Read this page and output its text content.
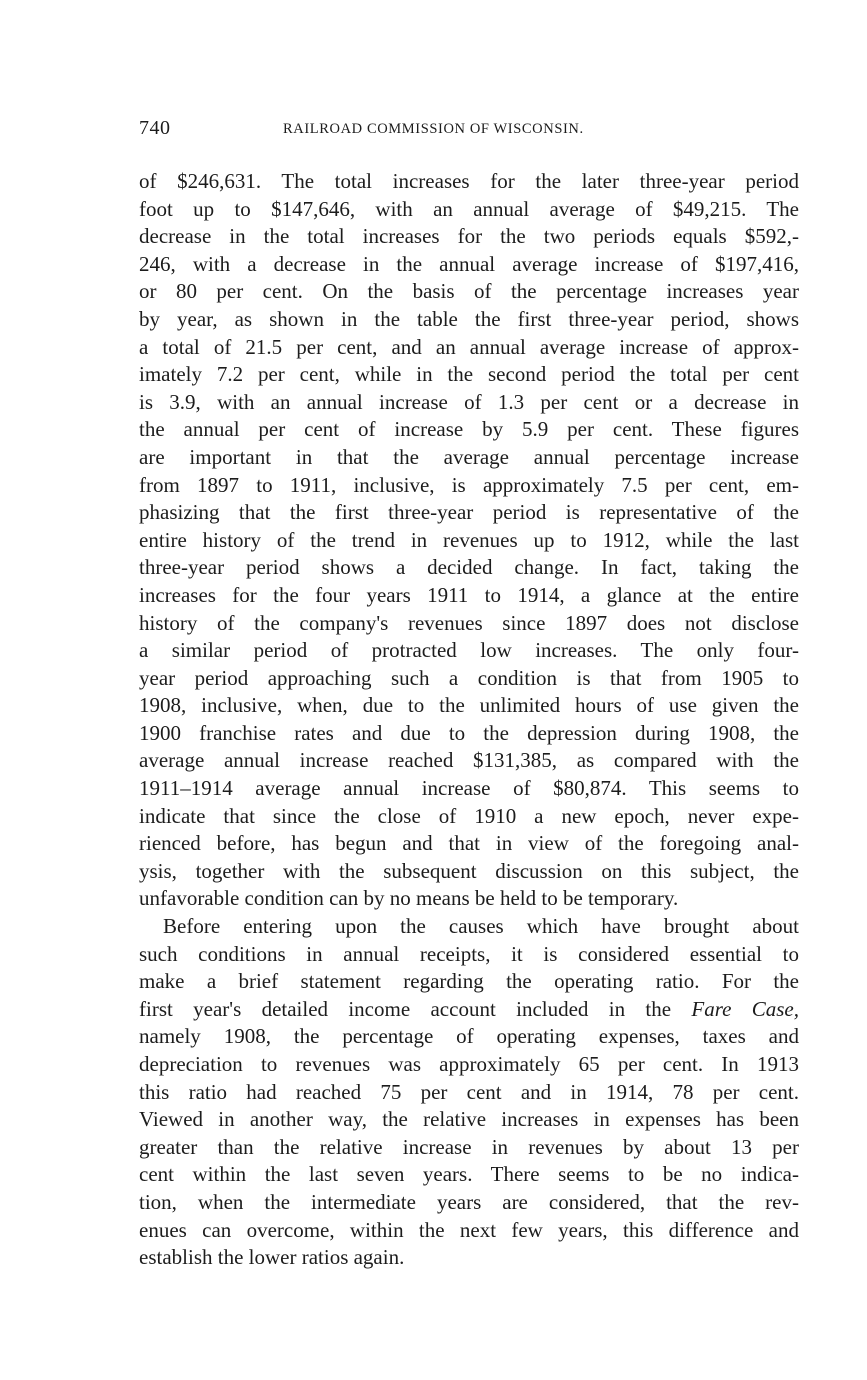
740	RAILROAD COMMISSION OF WISCONSIN.
of $246,631. The total increases for the later three-year period
foot up to $147,646, with an annual average of $49,215. The
decrease in the total increases for the two periods equals $592,-
246, with a decrease in the annual average increase of $197,416,
or 80 per cent. On the basis of the percentage increases year
by year, as shown in the table the first three-year period, shows
a total of 21.5 per cent, and an annual average increase of approx-
imately 7.2 per cent, while in the second period the total per cent
is 3.9, with an annual increase of 1.3 per cent or a decrease in
the annual per cent of increase by 5.9 per cent. These figures
are important in that the average annual percentage increase
from 1897 to 1911, inclusive, is approximately 7.5 per cent, em-
phasizing that the first three-year period is representative of the
entire history of the trend in revenues up to 1912, while the last
three-year period shows a decided change. In fact, taking the
increases for the four years 1911 to 1914, a glance at the entire
history of the company's revenues since 1897 does not disclose
a similar period of protracted low increases. The only four-
year period approaching such a condition is that from 1905 to
1908, inclusive, when, due to the unlimited hours of use given the
1900 franchise rates and due to the depression during 1908, the
average annual increase reached $131,385, as compared with the
1911–1914 average annual increase of $80,874. This seems to
indicate that since the close of 1910 a new epoch, never expe-
rienced before, has begun and that in view of the foregoing anal-
ysis, together with the subsequent discussion on this subject, the
unfavorable condition can by no means be held to be temporary.
Before entering upon the causes which have brought about
such conditions in annual receipts, it is considered essential to
make a brief statement regarding the operating ratio. For the
first year's detailed income account included in the Fare Case,
namely 1908, the percentage of operating expenses, taxes and
depreciation to revenues was approximately 65 per cent. In 1913
this ratio had reached 75 per cent and in 1914, 78 per cent.
Viewed in another way, the relative increases in expenses has been
greater than the relative increase in revenues by about 13 per
cent within the last seven years. There seems to be no indica-
tion, when the intermediate years are considered, that the rev-
enues can overcome, within the next few years, this difference and
establish the lower ratios again.
